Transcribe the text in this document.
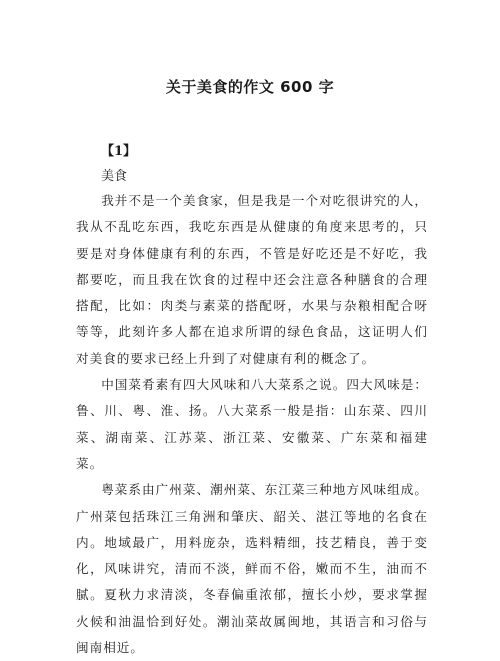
关于美食的作文 600 字
【1】
美食

我并不是一个美食家，但是我是一个对吃很讲究的人，我从不乱吃东西，我吃东西是从健康的角度来思考的，只要是对身体健康有利的东西，不管是好吃还是不好吃，我都要吃，而且我在饮食的过程中还会注意各种膳食的合理搭配，比如：肉类与素菜的搭配呀，水果与杂粮相配合呀等等，此刻许多人都在追求所谓的绿色食品，这证明人们对美食的要求已经上升到了对健康有利的概念了。

中国菜肴素有四大风味和八大菜系之说。四大风味是：鲁、川、粤、淮、扬。八大菜系一般是指：山东菜、四川菜、湖南菜、江苏菜、浙江菜、安徽菜、广东菜和福建菜。

粤菜系由广州菜、潮州菜、东江菜三种地方风味组成。广州菜包括珠江三角洲和肇庆、韶关、湛江等地的名食在内。地域最广，用料庞杂，选料精细，技艺精良，善于变化，风味讲究，清而不淡，鲜而不俗，嫩而不生，油而不腻。夏秋力求清淡，冬春偏重浓郁，擅长小炒，要求掌握火候和油温恰到好处。潮汕菜故属闽地，其语言和习俗与闽南相近。
